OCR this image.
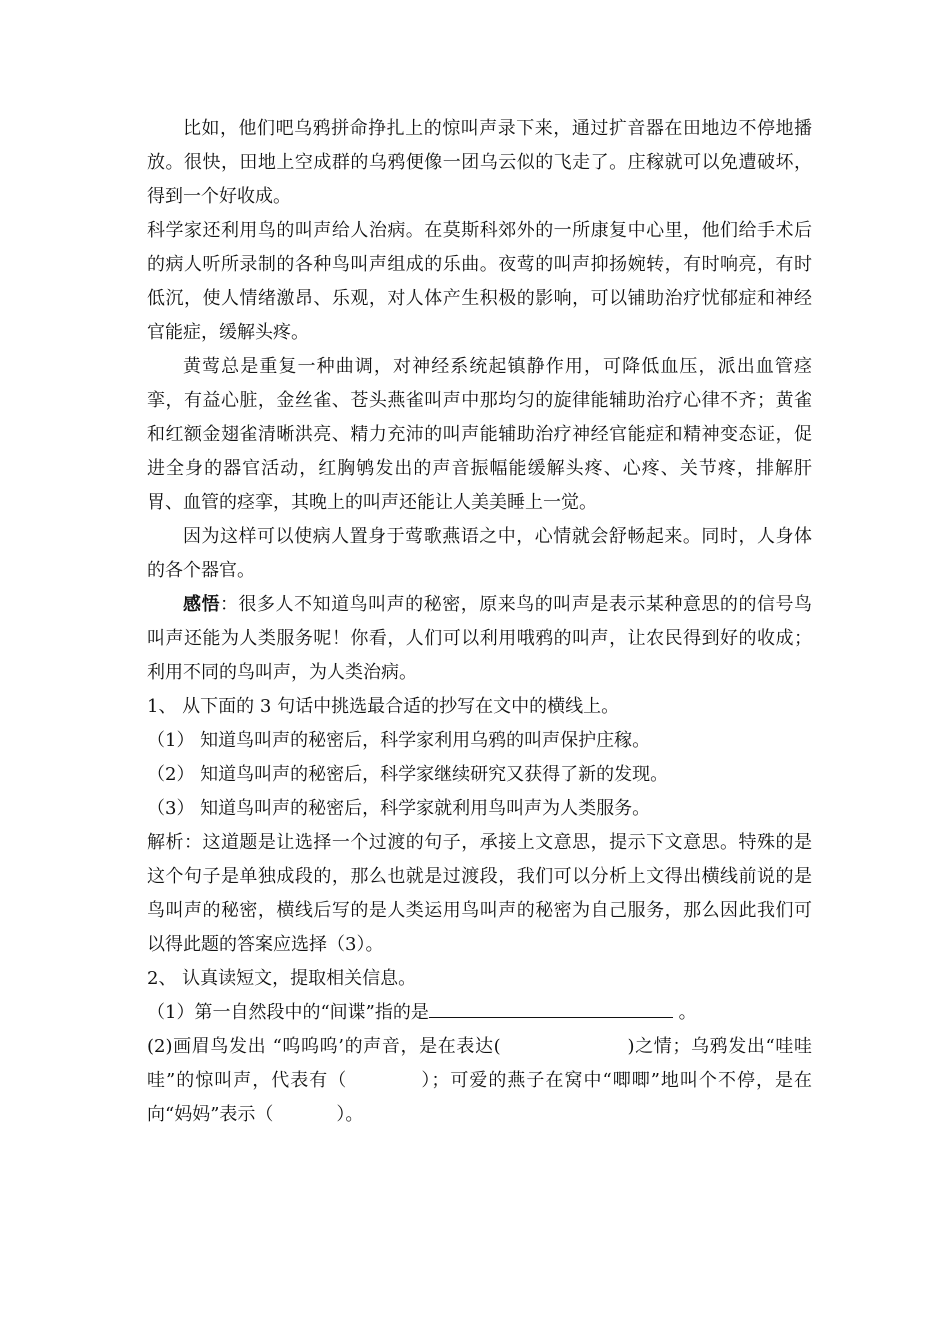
比如，他们吧乌鸦拼命挣扎上的惊叫声录下来，通过扩音器在田地边不停地播放。很快，田地上空成群的乌鸦便像一团乌云似的飞走了。庄稼就可以免遭破坏，得到一个好收成。

科学家还利用鸟的叫声给人治病。在莫斯科郊外的一所康复中心里，他们给手术后的病人听所录制的各种鸟叫声组成的乐曲。夜莺的叫声抑扬婉转，有时响亮，有时低沉，使人情绪激昂、乐观，对人体产生积极的影响，可以铺助治疗忧郁症和神经官能症，缓解头疼。

黄莺总是重复一种曲调，对神经系统起镇静作用，可降低血压，派出血管痉挛，有益心脏，金丝雀、苍头燕雀叫声中那均匀的旋律能辅助治疗心律不齐；黄雀和红额金翅雀清晰洪亮、精力充沛的叫声能辅助治疗神经官能症和精神变态证，促进全身的器官活动，红胸鸲发出的声音振幅能缓解头疼、心疼、关节疼，排解肝胃、血管的痉挛，其晚上的叫声还能让人美美睡上一觉。

因为这样可以使病人置身于莺歌燕语之中，心情就会舒畅起来。同时，人身体的各个器官。

感悟：很多人不知道鸟叫声的秘密，原来鸟的叫声是表示某种意思的的信号鸟叫声还能为人类服务呢！你看，人们可以利用哦鸦的叫声，让农民得到好的收成；利用不同的鸟叫声，为人类治病。

1、 从下面的 3 句话中挑选最合适的抄写在文中的横线上。

（1） 知道鸟叫声的秘密后，科学家利用乌鸦的叫声保护庄稼。

（2） 知道鸟叫声的秘密后，科学家继续研究又获得了新的发现。

（3） 知道鸟叫声的秘密后，科学家就利用鸟叫声为人类服务。

解析：这道题是让选择一个过渡的句子，承接上文意思，提示下文意思。特殊的是这个句子是单独成段的，那么也就是过渡段，我们可以分析上文得出横线前说的是鸟叫声的秘密，横线后写的是人类运用鸟叫声的秘密为自己服务，那么因此我们可以得此题的答案应选择（3）。

2、 认真读短文，提取相关信息。

（1）第一自然段中的“间谍”指的是	。

(2)画眉鸟发出 “呜呜呜’的声音，是在表达(                    )之情；乌鸦发出“哇哇哇”的惊叫声，代表有（           ）；可爱的燕子在窝中“唧唧”地叫个不停，是在向“妈妈”表示（           ）。
